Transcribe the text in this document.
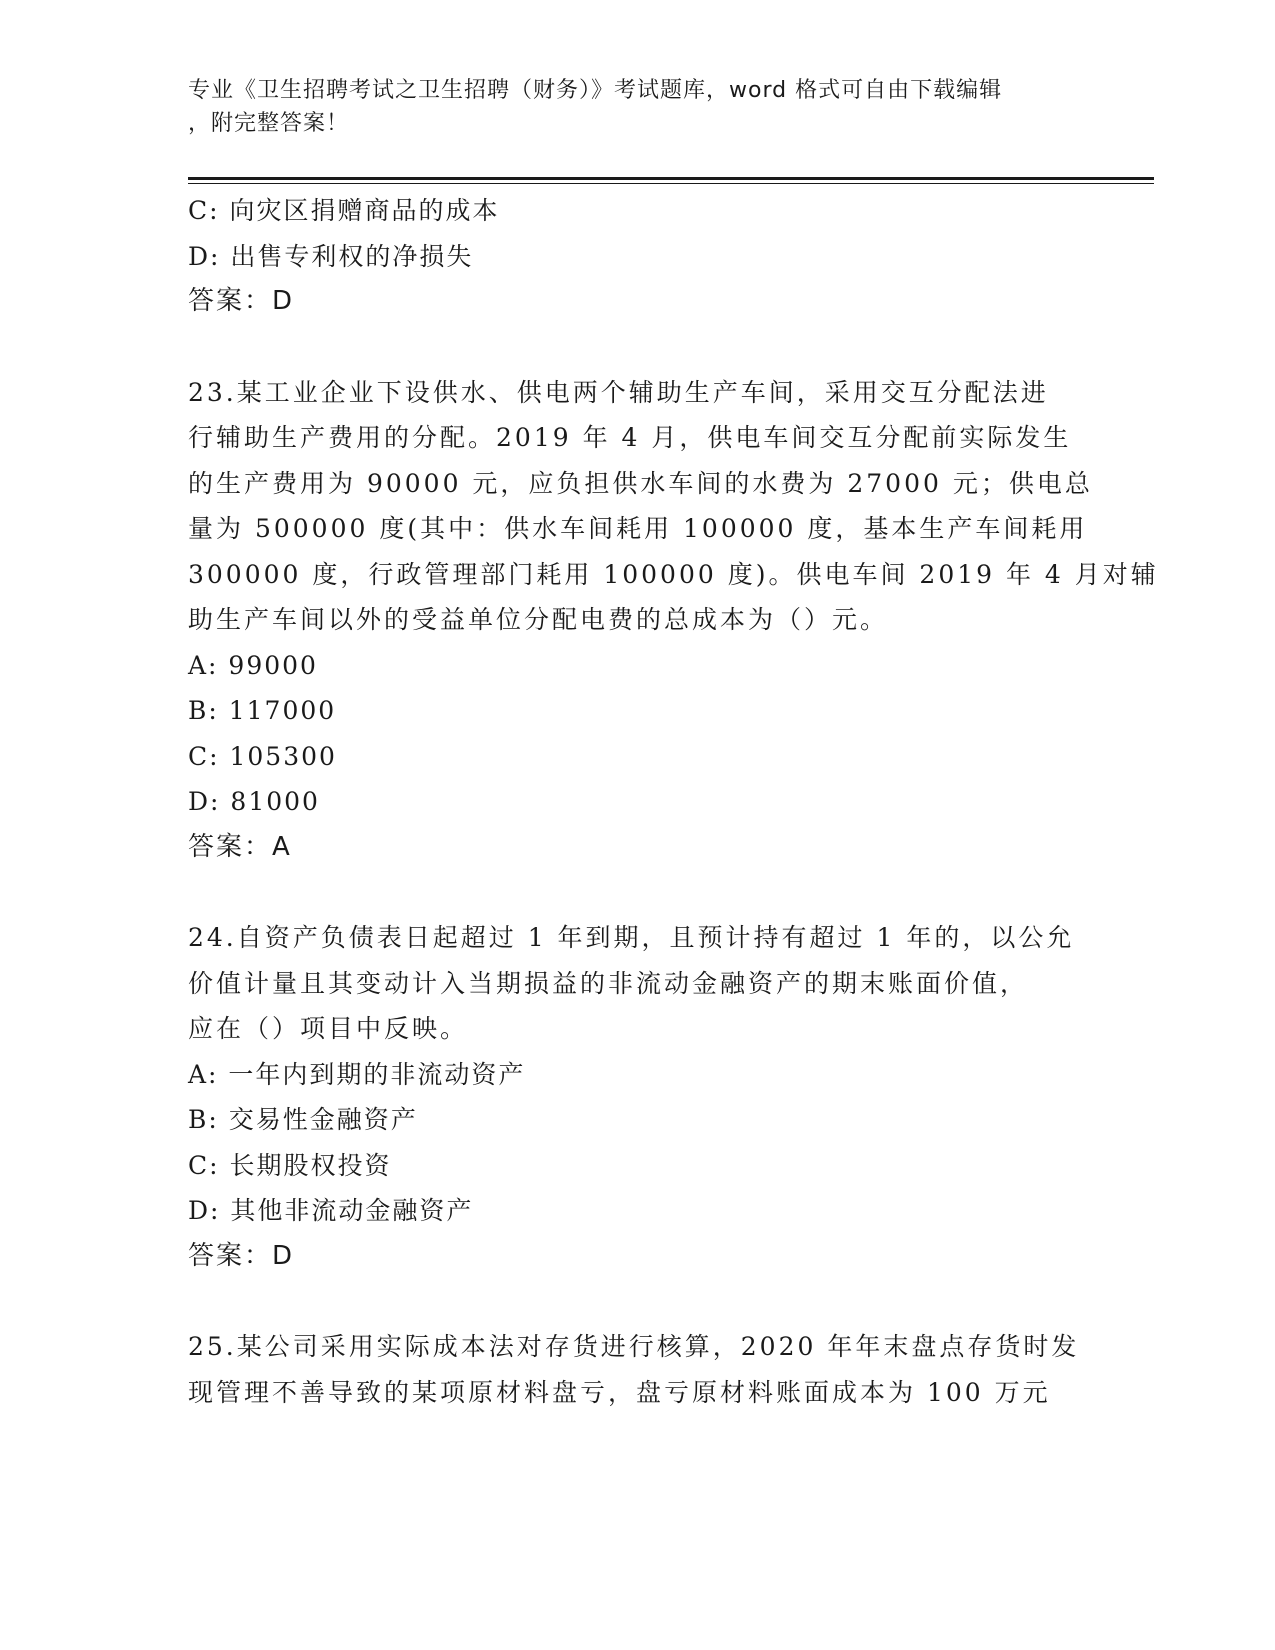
专业《卫生招聘考试之卫生招聘（财务）》考试题库，word 格式可自由下载编辑
，附完整答案！
C: 向灾区捐赠商品的成本
D: 出售专利权的净损失
答案：D
23.某工业企业下设供水、供电两个辅助生产车间，采用交互分配法进
行辅助生产费用的分配。2019 年 4 月，供电车间交互分配前实际发生
的生产费用为 90000 元，应负担供水车间的水费为 27000 元；供电总
量为 500000 度(其中：供水车间耗用 100000 度，基本生产车间耗用
300000 度，行政管理部门耗用 100000 度)。供电车间 2019 年 4 月对辅
助生产车间以外的受益单位分配电费的总成本为（）元。
A: 99000
B: 117000
C: 105300
D: 81000
答案：A
24.自资产负债表日起超过 1 年到期，且预计持有超过 1 年的，以公允
价值计量且其变动计入当期损益的非流动金融资产的期末账面价值，
应在（）项目中反映。
A: 一年内到期的非流动资产
B: 交易性金融资产
C: 长期股权投资
D: 其他非流动金融资产
答案：D
25.某公司采用实际成本法对存货进行核算，2020 年年末盘点存货时发
现管理不善导致的某项原材料盘亏，盘亏原材料账面成本为 100 万元
